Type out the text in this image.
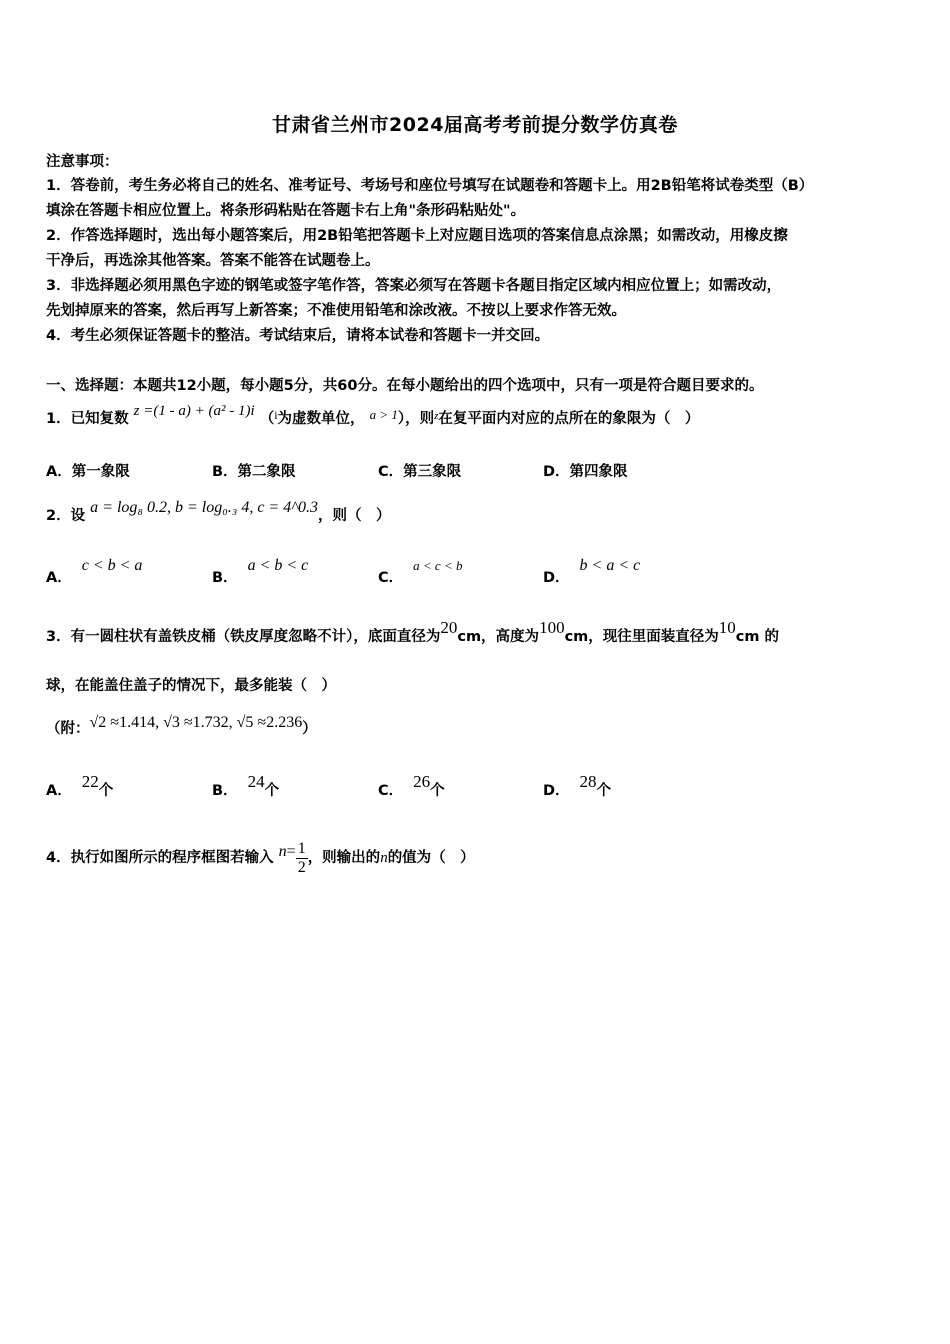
甘肃省兰州市2024届高考考前提分数学仿真卷
注意事项：
1．答卷前，考生务必将自己的姓名、准考证号、考场号和座位号填写在试题卷和答题卡上。用2B铅笔将试卷类型（B）
填涂在答题卡相应位置上。将条形码粘贴在答题卡右上角"条形码粘贴处"。
2．作答选择题时，选出每小题答案后，用2B铅笔把答题卡上对应题目选项的答案信息点涂黑；如需改动，用橡皮擦
干净后，再选涂其他答案。答案不能答在试题卷上。
3．非选择题必须用黑色字迹的钢笔或签字笔作答，答案必须写在答题卡各题目指定区域内相应位置上；如需改动，
先划掉原来的答案，然后再写上新答案；不准使用铅笔和涂改液。不按以上要求作答无效。
4．考生必须保证答题卡的整洁。考试结束后，请将本试卷和答题卡一并交回。
一、选择题：本题共12小题，每小题5分，共60分。在每小题给出的四个选项中，只有一项是符合题目要求的。
1．已知复数 z =(1 - a) + (a² - 1)i （$^i$为虚数单位， a > 1），则$^z$在复平面内对应的点所在的象限为（　）
A．第一象限	B．第二象限	C．第三象限	D．第四象限
2．设 a = log₈ 0.2, b = log₀.₃ 4, c = 4^0.3，则（　）
A．c < b < a
B．a < b < c
C．a < c < b
D．b < a < c
3．有一圆柱状有盖铁皮桶（铁皮厚度忽略不计），底面直径为20cm，高度为100cm，现往里面装直径为10cm 的
球，在能盖住盖子的情况下，最多能装（　）
（附：√2 ≈1.414, √3 ≈1.732, √5 ≈2.236）
A． 22个	B． 24个	C． 26个	D． 28个
4．执行如图所示的程序框图若输入 $n= \frac{1}{2}$ ，则输出的n的值为（　）
